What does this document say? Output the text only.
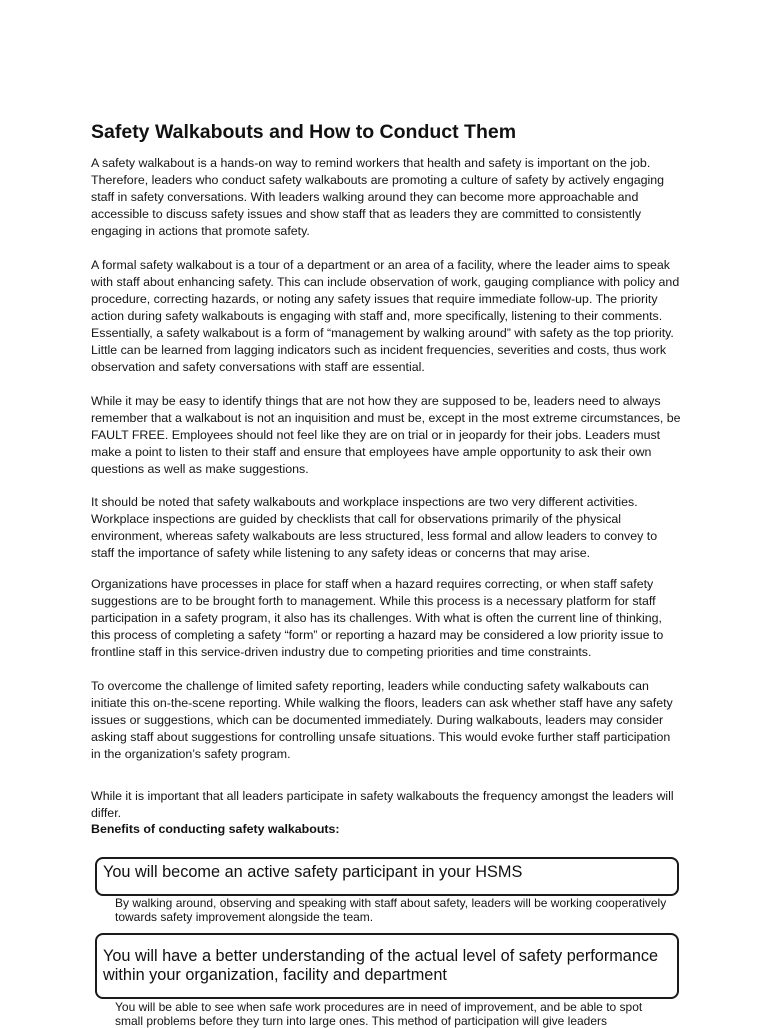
Safety Walkabouts and How to Conduct Them

A safety walkabout is a hands-on way to remind workers that health and safety is important on the job. Therefore, leaders who conduct safety walkabouts are promoting a culture of safety by actively engaging staff in safety conversations. With leaders walking around they can become more approachable and accessible to discuss safety issues and show staff that as leaders they are committed to consistently engaging in actions that promote safety.

A formal safety walkabout is a tour of a department or an area of a facility, where the leader aims to speak with staff about enhancing safety. This can include observation of work, gauging compliance with policy and procedure, correcting hazards, or noting any safety issues that require immediate follow-up. The priority action during safety walkabouts is engaging with staff and, more specifically, listening to their comments. Essentially, a safety walkabout is a form of “management by walking around” with safety as the top priority. Little can be learned from lagging indicators such as incident frequencies, severities and costs, thus work observation and safety conversations with staff are essential.

While it may be easy to identify things that are not how they are supposed to be, leaders need to always remember that a walkabout is not an inquisition and must be, except in the most extreme circumstances, be FAULT FREE. Employees should not feel like they are on trial or in jeopardy for their jobs. Leaders must make a point to listen to their staff and ensure that employees have ample opportunity to ask their own questions as well as make suggestions.

It should be noted that safety walkabouts and workplace inspections are two very different activities. Workplace inspections are guided by checklists that call for observations primarily of the physical environment, whereas safety walkabouts are less structured, less formal and allow leaders to convey to staff the importance of safety while listening to any safety ideas or concerns that may arise.

Organizations have processes in place for staff when a hazard requires correcting, or when staff safety suggestions are to be brought forth to management. While this process is a necessary platform for staff participation in a safety program, it also has its challenges. With what is often the current line of thinking, this process of completing a safety “form” or reporting a hazard may be considered a low priority issue to frontline staff in this service-driven industry due to competing priorities and time constraints.

To overcome the challenge of limited safety reporting, leaders while conducting safety walkabouts can initiate this on-the-scene reporting. While walking the floors, leaders can ask whether staff have any safety issues or suggestions, which can be documented immediately. During walkabouts, leaders may consider asking staff about suggestions for controlling unsafe situations. This would evoke further staff participation in the organization’s safety program.

While it is important that all leaders participate in safety walkabouts the frequency amongst the leaders will differ.

Benefits of conducting safety walkabouts:

You will become an active safety participant in your HSMS

By walking around, observing and speaking with staff about safety, leaders will be working cooperatively towards safety improvement alongside the team.

You will have a better understanding of the actual level of safety performance within your organization, facility and department

You will be able to see when safe work procedures are in need of improvement, and be able to spot small problems before they turn into large ones. This method of participation will give leaders
